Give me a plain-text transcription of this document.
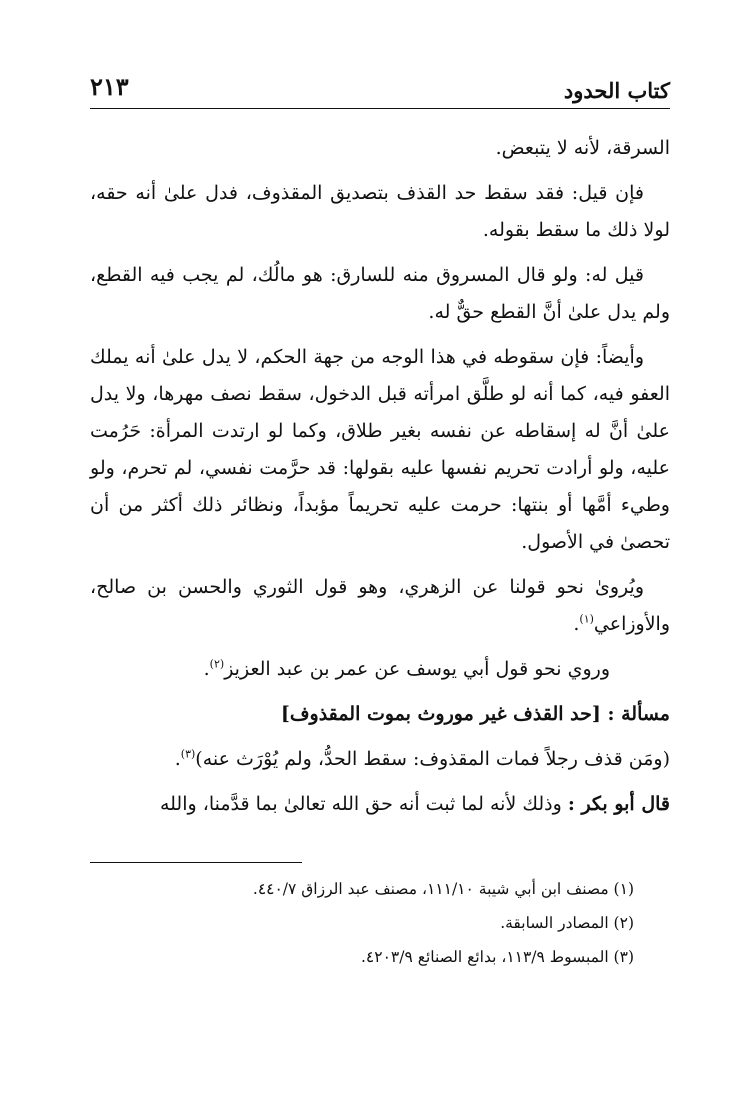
كتاب الحدود
٢١٣

السرقة، لأنه لا يتبعض.

فإن قيل: فقد سقط حد القذف بتصديق المقذوف، فدل علىٰ أنه حقه، لولا ذلك ما سقط بقوله.

قيل له: ولو قال المسروق منه للسارق: هو مالُك، لم يجب فيه القطع، ولم يدل علىٰ أنَّ القطع حقٌّ له.

وأيضاً: فإن سقوطه في هذا الوجه من جهة الحكم، لا يدل علىٰ أنه يملك العفو فيه، كما أنه لو طلَّق امرأته قبل الدخول، سقط نصف مهرها، ولا يدل علىٰ أنَّ له إسقاطه عن نفسه بغير طلاق، وكما لو ارتدت المرأة: حَرُمت عليه، ولو أرادت تحريم نفسها عليه بقولها: قد حرَّمت نفسي، لم تحرم، ولو وطيء أمَّها أو بنتها: حرمت عليه تحريماً مؤبداً، ونظائر ذلك أكثر من أن تحصىٰ في الأصول.

ويُروىٰ نحو قولنا عن الزهري، وهو قول الثوري والحسن بن صالح، والأوزاعي$^{(١)}$.

وروي نحو قول أبي يوسف عن عمر بن عبد العزيز$^{(٢)}$.

مسألة : [حد القذف غير موروث بموت المقذوف]

(ومَن قذف رجلاً فمات المقذوف: سقط الحدُّ، ولم يُوْرَث عنه)$^{(٣)}$.

قال أبو بكر : وذلك لأنه لما ثبت أنه حق الله تعالىٰ بما قدَّمنا، والله

(١) مصنف ابن أبي شيبة ١١١/١٠، مصنف عبد الرزاق ٤٤٠/٧.
(٢) المصادر السابقة.
(٣) المبسوط ١١٣/٩، بدائع الصنائع ٤٢٠٣/٩.
